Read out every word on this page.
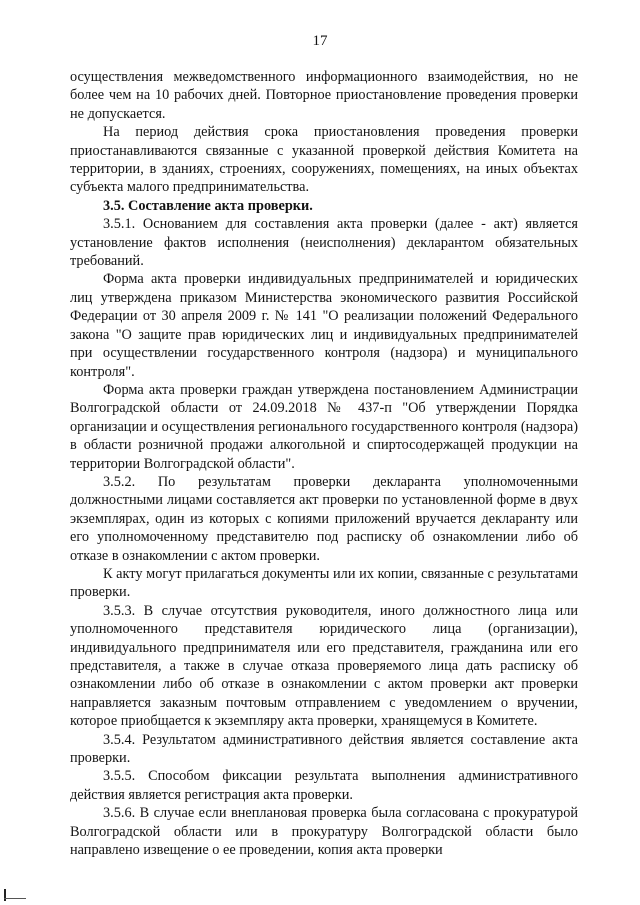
17

осуществления межведомственного информационного взаимодействия, но не более чем на 10 рабочих дней. Повторное приостановление проведения проверки не допускается.

На период действия срока приостановления проведения проверки приостанавливаются связанные с указанной проверкой действия Комитета на территории, в зданиях, строениях, сооружениях, помещениях, на иных объектах субъекта малого предпринимательства.

3.5. Составление акта проверки.

3.5.1. Основанием для составления акта проверки (далее - акт) является установление фактов исполнения (неисполнения) декларантом обязательных требований.

Форма акта проверки индивидуальных предпринимателей и юридических лиц утверждена приказом Министерства экономического развития Российской Федерации от 30 апреля 2009 г. № 141 "О реализации положений Федерального закона "О защите прав юридических лиц и индивидуальных предпринимателей при осуществлении государственного контроля (надзора) и муниципального контроля".

Форма акта проверки граждан утверждена постановлением Администрации Волгоградской области от 24.09.2018 № 437-п "Об утверждении Порядка организации и осуществления регионального государственного контроля (надзора) в области розничной продажи алкогольной и спиртосодержащей продукции на территории Волгоградской области".

3.5.2. По результатам проверки декларанта уполномоченными должностными лицами составляется акт проверки по установленной форме в двух экземплярах, один из которых с копиями приложений вручается декларанту или его уполномоченному представителю под расписку об ознакомлении либо об отказе в ознакомлении с актом проверки.

К акту могут прилагаться документы или их копии, связанные с результатами проверки.

3.5.3. В случае отсутствия руководителя, иного должностного лица или уполномоченного представителя юридического лица (организации), индивидуального предпринимателя или его представителя, гражданина или его представителя, а также в случае отказа проверяемого лица дать расписку об ознакомлении либо об отказе в ознакомлении с актом проверки акт проверки направляется заказным почтовым отправлением с уведомлением о вручении, которое приобщается к экземпляру акта проверки, хранящемуся в Комитете.

3.5.4. Результатом административного действия является составление акта проверки.

3.5.5. Способом фиксации результата выполнения административного действия является регистрация акта проверки.

3.5.6. В случае если внеплановая проверка была согласована с прокуратурой Волгоградской области или в прокуратуру Волгоградской области было направлено извещение о ее проведении, копия акта проверки
